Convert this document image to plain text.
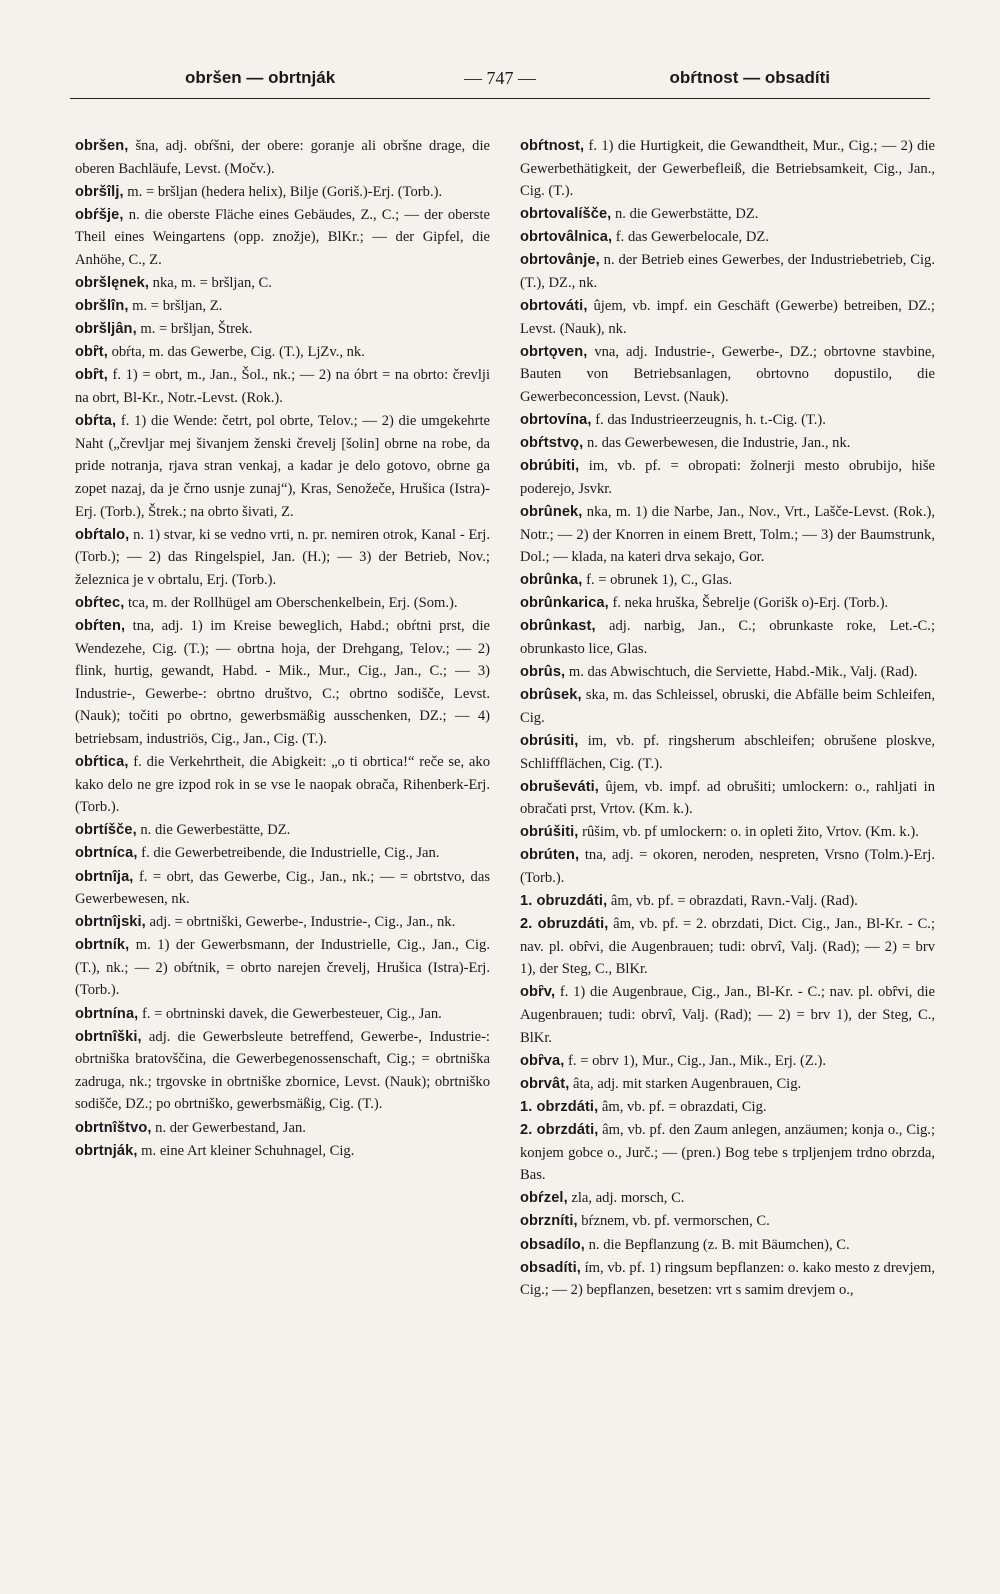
obršen — obrtnják	— 747 —	obŕtnost — obsadíti
obršen, šna, adj. obŕšni, der obere: goranje ali obršne drage, die oberen Bachläufe, Levst. (Močv.).
obršîlj, m. = bršljan (hedera helix), Bilje (Goriš.)-Erj. (Torb.).
obŕšje, n. die oberste Fläche eines Gebäudes, Z., C.; — der oberste Theil eines Weingartens (opp. znožje), BlKr.; — der Gipfel, die Anhöhe, C., Z.
obršlęnek, nka, m. = bršljan, C.
obršlîn, m. = bršljan, Z.
obršljân, m. = bršljan, Štrek.
obȓt, obŕta, m. das Gewerbe, Cig. (T.), LjZv., nk.
obȓt, f. 1) = obrt, m., Jan., Šol., nk.; — 2) na óbrt = na obrto: črevlji na obrt, Bl-Kr., Notr.-Levst. (Rok.).
obŕta, f. 1) die Wende: četrt, pol obrte, Telov.; — 2) die umgekehrte Naht („črevljar mej šivanjem ženski črevelj [šolin] obrne na robe, da pride notranja, rjava stran venkaj, a kadar je delo gotovo, obrne ga zopet nazaj, da je črno usnje zunaj“), Kras, Senožeče, Hrušica (Istra)-Erj. (Torb.), Štrek.; na obrto šivati, Z.
obŕtalo, n. 1) stvar, ki se vedno vrti, n. pr. nemiren otrok, Kanal - Erj. (Torb.); — 2) das Ringelspiel, Jan. (H.); — 3) der Betrieb, Nov.; železnica je v obrtalu, Erj. (Torb.).
obŕtec, tca, m. der Rollhügel am Oberschenkelbein, Erj. (Som.).
obŕten, tna, adj. 1) im Kreise beweglich, Habd.; obŕtni prst, die Wendezehe, Cig. (T.); — obrtna hoja, der Drehgang, Telov.; — 2) flink, hurtig, gewandt, Habd. - Mik., Mur., Cig., Jan., C.; — 3) Industrie-, Gewerbe-: obrtno društvo, C.; obrtno sodišče, Levst. (Nauk); točiti po obrtno, gewerbsmäßig ausschenken, DZ.; — 4) betriebsam, industriös, Cig., Jan., Cig. (T.).
obŕtica, f. die Verkehrtheit, die Abigkeit: „o ti obrtica!“ reče se, ako kako delo ne gre izpod rok in se vse le naopak obrača, Rihenberk-Erj. (Torb.).
obrtíšče, n. die Gewerbestätte, DZ.
obrtníca, f. die Gewerbetreibende, die Industrielle, Cig., Jan.
obrtnîja, f. = obrt, das Gewerbe, Cig., Jan., nk.; — = obrtstvo, das Gewerbewesen, nk.
obrtnîjski, adj. = obrtniški, Gewerbe-, Industrie-, Cig., Jan., nk.
obrtník, m. 1) der Gewerbsmann, der Industrielle, Cig., Jan., Cig. (T.), nk.; — 2) obŕtnik, = obrto narejen črevelj, Hrušica (Istra)-Erj. (Torb.).
obrtnína, f. = obrtninski davek, die Gewerbesteuer, Cig., Jan.
obrtnîški, adj. die Gewerbsleute betreffend, Gewerbe-, Industrie-: obrtniška bratovščina, die Gewerbegenossenschaft, Cig.; = obrtniška zadruga, nk.; trgovske in obrtniške zbornice, Levst. (Nauk); obrtniško sodišče, DZ.; po obrtniško, gewerbsmäßig, Cig. (T.).
obrtnîštvo, n. der Gewerbestand, Jan.
obrtnják, m. eine Art kleiner Schuhnagel, Cig.
obŕtnost, f. 1) die Hurtigkeit, die Gewandtheit, Mur., Cig.; — 2) die Gewerbethätigkeit, der Gewerbefleiß, die Betriebsamkeit, Cig., Jan., Cig. (T.).
obrtovalíšče, n. die Gewerbstätte, DZ.
obrtovâlnica, f. das Gewerbelocale, DZ.
obrtovânje, n. der Betrieb eines Gewerbes, der Industriebetrieb, Cig. (T.), DZ., nk.
obrtováti, ûjem, vb. impf. ein Geschäft (Gewerbe) betreiben, DZ.; Levst. (Nauk), nk.
obrtǫven, vna, adj. Industrie-, Gewerbe-, DZ.; obrtovne stavbine, Bauten von Betriebsanlagen, obrtovno dopustilo, die Gewerbeconcession, Levst. (Nauk).
obrtovína, f. das Industrieerzeugnis, h. t.-Cig. (T.).
obŕtstvǫ, n. das Gewerbewesen, die Industrie, Jan., nk.
obrúbiti, im, vb. pf. = obropati: žolnerji mesto obrubijo, hiše poderejo, Jsvkr.
obrûnek, nka, m. 1) die Narbe, Jan., Nov., Vrt., Lašče-Levst. (Rok.), Notr.; — 2) der Knorren in einem Brett, Tolm.; — 3) der Baumstrunk, Dol.; — klada, na kateri drva sekajo, Gor.
obrûnka, f. = obrunek 1), C., Glas.
obrûnkarica, f. neka hruška, Šebrelje (Gorišk o)-Erj. (Torb.).
obrûnkast, adj. narbig, Jan., C.; obrunkaste roke, Let.-C.; obrunkasto lice, Glas.
obrûs, m. das Abwischtuch, die Serviette, Habd.-Mik., Valj. (Rad).
obrûsek, ska, m. das Schleissel, obruski, die Abfälle beim Schleifen, Cig.
obrúsiti, im, vb. pf. ringsherum abschleifen; obrušene ploskve, Schliffflächen, Cig. (T.).
obruševáti, ûjem, vb. impf. ad obrušiti; umlockern: o., rahljati in obračati prst, Vrtov. (Km. k.).
obrúšiti, rûšim, vb. pf umlockern: o. in opleti žito, Vrtov. (Km. k.).
obrúten, tna, adj. = okoren, neroden, nespreten, Vrsno (Tolm.)-Erj. (Torb.).
1. obruzdáti, âm, vb. pf. = obrazdati, Ravn.-Valj. (Rad).
2. obruzdáti, âm, vb. pf. = 2. obrzdati, Dict. Cig., Jan., Bl-Kr. - C.; nav. pl. obȓvi, die Augenbrauen; tudi: obrvî, Valj. (Rad); — 2) = brv 1), der Steg, C., BlKr.
obȓv, f. 1) die Augenbraue, Cig., Jan., Bl-Kr. - C.; nav. pl. obȓvi, die Augenbrauen; tudi: obrvî, Valj. (Rad); — 2) = brv 1), der Steg, C., BlKr.
obȓva, f. = obrv 1), Mur., Cig., Jan., Mik., Erj. (Z.).
obrvât, âta, adj. mit starken Augenbrauen, Cig.
1. obrzdáti, âm, vb. pf. = obrazdati, Cig.
2. obrzdáti, âm, vb. pf. den Zaum anlegen, anzäumen; konja o., Cig.; konjem gobce o., Jurč.; — (pren.) Bog tebe s trpljenjem trdno obrzda, Bas.
obŕzel, zla, adj. morsch, C.
obrzníti, bŕznem, vb. pf. vermorschen, C.
obsadílo, n. die Bepflanzung (z. B. mit Bäumchen), C.
obsadíti, ím, vb. pf. 1) ringsum bepflanzen: o. kako mesto z drevjem, Cig.; — 2) bepflanzen, besetzen: vrt s samim drevjem o.,
